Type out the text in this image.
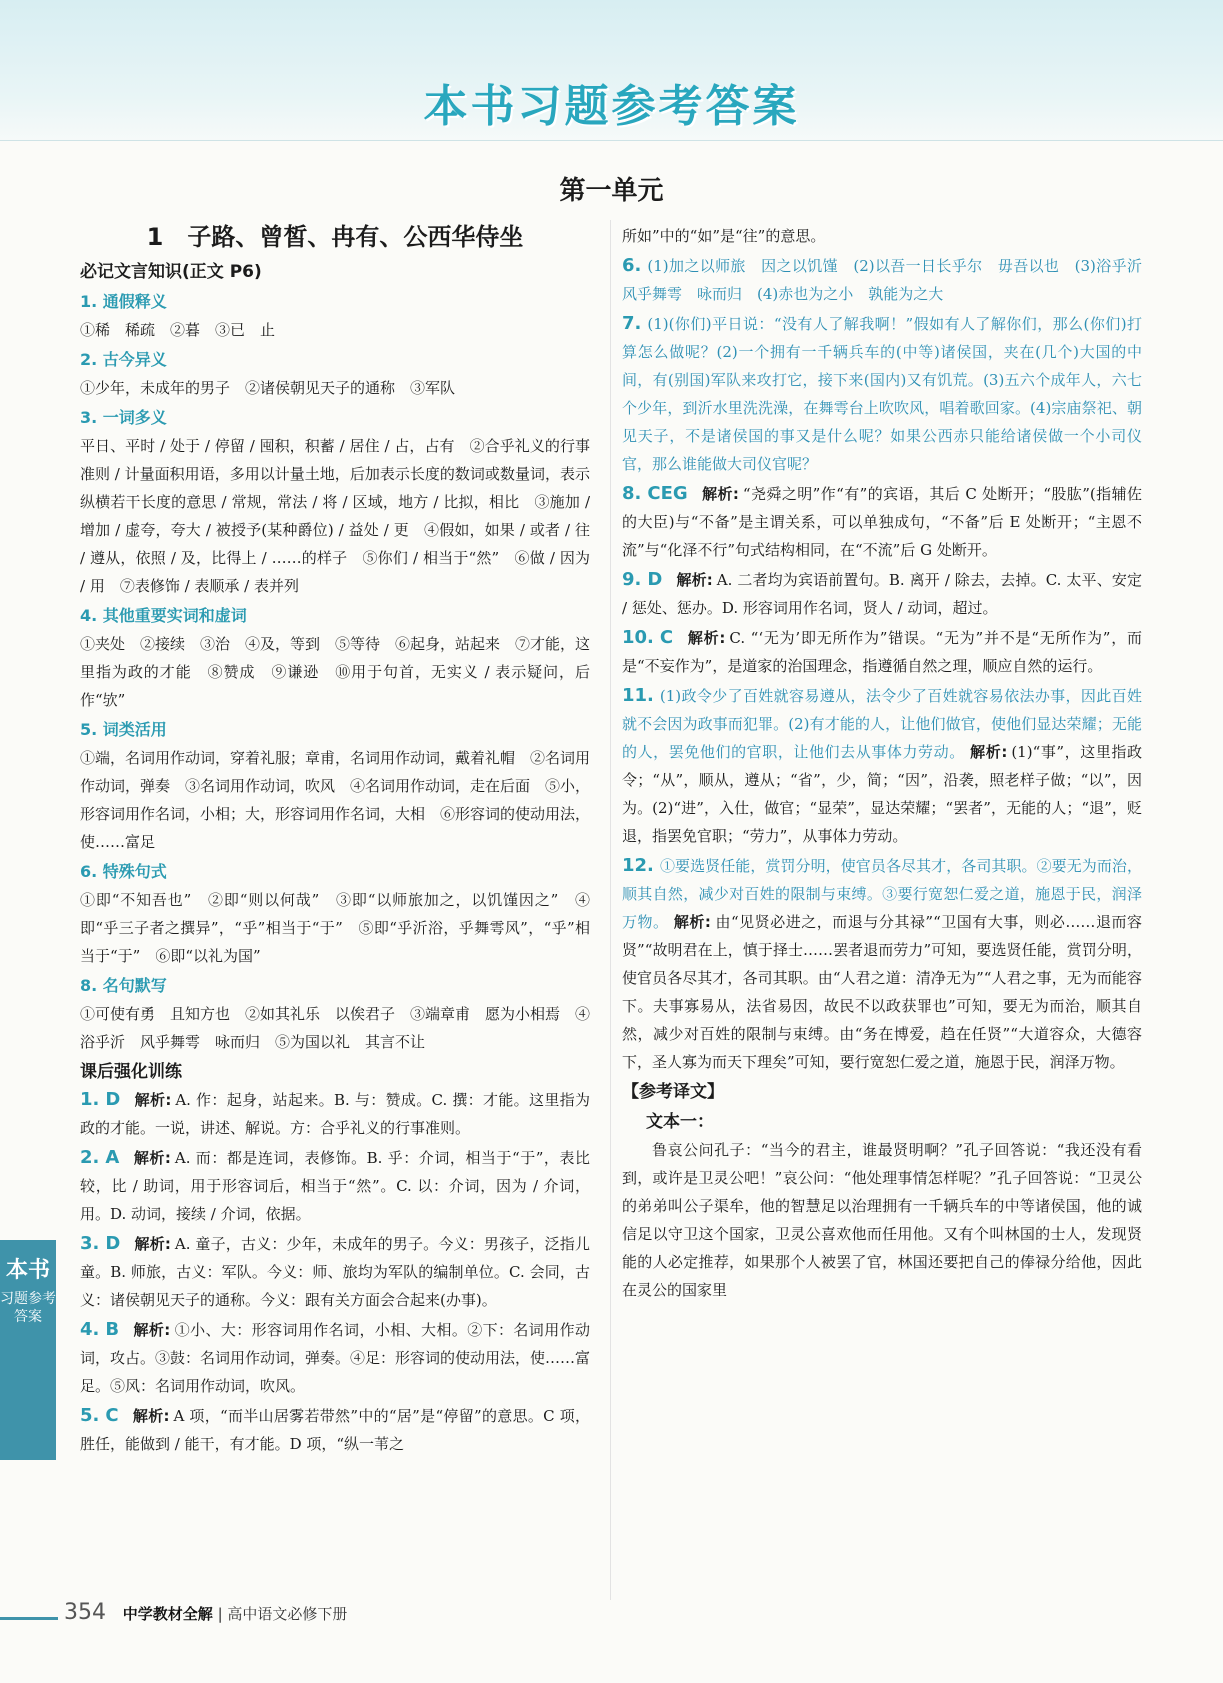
本书习题参考答案
第一单元
1　子路、曾皙、冉有、公西华侍坐
必记文言知识(正文 P6)
1. 通假释义

①稀　稀疏　②暮　③已　止

2. 古今异义

①少年，未成年的男子　②诸侯朝见天子的通称　③军队

3. 一词多义

平日、平时 / 处于 / 停留 / 囤积，积蓄 / 居住 / 占，占有　②合乎礼义的行事准则 / 计量面积用语，多用以计量土地，后加表示长度的数词或数量词，表示纵横若干长度的意思 / 常规，常法 / 将 / 区域，地方 / 比拟，相比　③施加 / 增加 / 虚夸，夸大 / 被授予(某种爵位) / 益处 / 更　④假如，如果 / 或者 / 往 / 遵从，依照 / 及，比得上 / ……的样子　⑤你们 / 相当于“然”　⑥做 / 因为 / 用　⑦表修饰 / 表顺承 / 表并列

4. 其他重要实词和虚词

①夹处　②接续　③治　④及，等到　⑤等待　⑥起身，站起来　⑦才能，这里指为政的才能　⑧赞成　⑨谦逊　⑩用于句首，无实义 / 表示疑问，后作“欤”

5. 词类活用

①端，名词用作动词，穿着礼服；章甫，名词用作动词，戴着礼帽　②名词用作动词，弹奏　③名词用作动词，吹风　④名词用作动词，走在后面　⑤小，形容词用作名词，小相；大，形容词用作名词，大相　⑥形容词的使动用法，使……富足

6. 特殊句式

①即“不知吾也”　②即“则以何哉”　③即“以师旅加之，以饥馑因之”　④即“乎三子者之撰异”，“乎”相当于“于”　⑤即“乎沂浴，乎舞雩风”，“乎”相当于“于”　⑥即“以礼为国”

8. 名句默写

①可使有勇　且知方也　②如其礼乐　以俟君子　③端章甫　愿为小相焉　④浴乎沂　风乎舞雩　咏而归　⑤为国以礼　其言不让

课后强化训练

1. D 解析: A. 作：起身，站起来。B. 与：赞成。C. 撰：才能。这里指为政的才能。一说，讲述、解说。方：合乎礼义的行事准则。

2. A 解析: A. 而：都是连词，表修饰。B. 乎：介词，相当于“于”，表比较，比 / 助词，用于形容词后，相当于“然”。C. 以：介词，因为 / 介词，用。D. 动词，接续 / 介词，依据。

3. D 解析: A. 童子，古义：少年，未成年的男子。今义：男孩子，泛指儿童。B. 师旅，古义：军队。今义：师、旅均为军队的编制单位。C. 会同，古义：诸侯朝见天子的通称。今义：跟有关方面会合起来(办事)。

4. B 解析: ①小、大：形容词用作名词，小相、大相。②下：名词用作动词，攻占。③鼓：名词用作动词，弹奏。④足：形容词的使动用法，使……富足。⑤风：名词用作动词，吹风。

5. C 解析: A 项，“而半山居雾若带然”中的“居”是“停留”的意思。C 项，胜任，能做到 / 能干，有才能。D 项，“纵一苇之

所如”中的“如”是“往”的意思。

6. (1)加之以师旅　因之以饥馑　(2)以吾一日长乎尔　毋吾以也　(3)浴乎沂　风乎舞雩　咏而归　(4)赤也为之小　孰能为之大

7. (1)(你们)平日说：“没有人了解我啊！”假如有人了解你们，那么(你们)打算怎么做呢？(2)一个拥有一千辆兵车的(中等)诸侯国，夹在(几个)大国的中间，有(别国)军队来攻打它，接下来(国内)又有饥荒。(3)五六个成年人，六七个少年，到沂水里洗洗澡，在舞雩台上吹吹风，唱着歌回家。(4)宗庙祭祀、朝见天子，不是诸侯国的事又是什么呢？如果公西赤只能给诸侯做一个小司仪官，那么谁能做大司仪官呢？

8. CEG 解析: “尧舜之明”作“有”的宾语，其后 C 处断开；“股肱”(指辅佐的大臣)与“不备”是主谓关系，可以单独成句，“不备”后 E 处断开；“主恩不流”与“化泽不行”句式结构相同，在“不流”后 G 处断开。

9. D 解析: A. 二者均为宾语前置句。B. 离开 / 除去，去掉。C. 太平、安定 / 惩处、惩办。D. 形容词用作名词，贤人 / 动词，超过。

10. C 解析: C. “‘无为’即无所作为”错误。“无为”并不是“无所作为”，而是“不妄作为”，是道家的治国理念，指遵循自然之理，顺应自然的运行。

11. (1)政令少了百姓就容易遵从，法令少了百姓就容易依法办事，因此百姓就不会因为政事而犯罪。(2)有才能的人，让他们做官，使他们显达荣耀；无能的人，罢免他们的官职，让他们去从事体力劳动。 解析: (1)“事”，这里指政令；“从”，顺从，遵从；“省”，少，简；“因”，沿袭，照老样子做；“以”，因为。(2)“进”，入仕，做官；“显荣”，显达荣耀；“罢者”，无能的人；“退”，贬退，指罢免官职；“劳力”，从事体力劳动。

12. ①要选贤任能，赏罚分明，使官员各尽其才，各司其职。②要无为而治，顺其自然，减少对百姓的限制与束缚。③要行宽恕仁爱之道，施恩于民，润泽万物。 解析: 由“见贤必进之，而退与分其禄”“卫国有大事，则必……退而容贤”“故明君在上，慎于择士……罢者退而劳力”可知，要选贤任能，赏罚分明，使官员各尽其才，各司其职。由“人君之道：清净无为”“人君之事，无为而能容下。夫事寡易从，法省易因，故民不以政获罪也”可知，要无为而治，顺其自然，减少对百姓的限制与束缚。由“务在博爱，趋在任贤”“大道容众，大德容下，圣人寡为而天下理矣”可知，要行宽恕仁爱之道，施恩于民，润泽万物。

【参考译文】
文本一：

鲁哀公问孔子：“当今的君主，谁最贤明啊？”孔子回答说：“我还没有看到，或许是卫灵公吧！”哀公问：“他处理事情怎样呢？”孔子回答说：“卫灵公的弟弟叫公子渠牟，他的智慧足以治理拥有一千辆兵车的中等诸侯国，他的诚信足以守卫这个国家，卫灵公喜欢他而任用他。又有个叫林国的士人，发现贤能的人必定推荐，如果那个人被罢了官，林国还要把自己的俸禄分给他，因此在灵公的国家里

本书
习题参考答案
354 中学教材全解 | 高中语文必修下册
